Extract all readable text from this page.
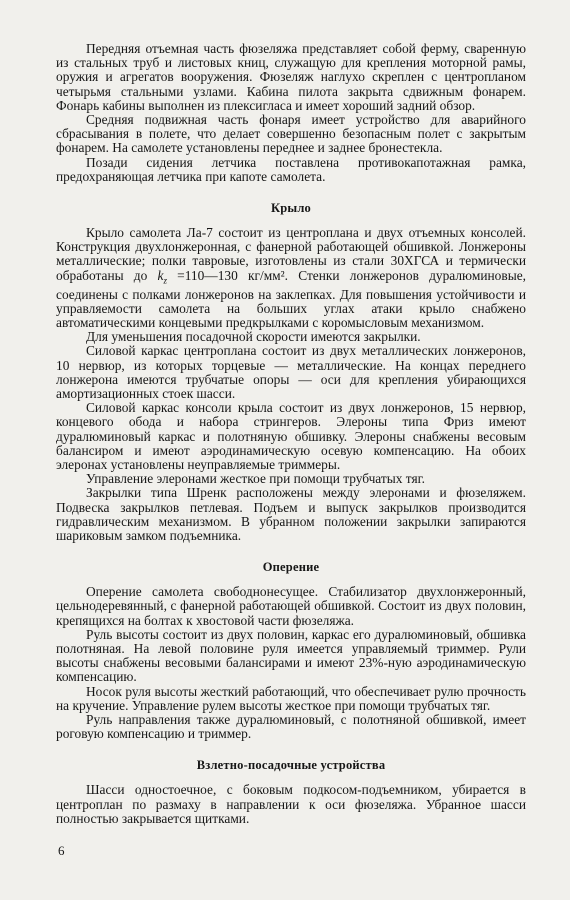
Передняя отъемная часть фюзеляжа представляет собой ферму, сваренную из стальных труб и листовых книц, служащую для крепления моторной рамы, оружия и агрегатов вооружения. Фюзеляж наглухо скреплен с центропланом четырьмя стальными узлами. Кабина пилота закрыта сдвижным фонарем. Фонарь кабины выполнен из плексигласа и имеет хороший задний обзор.

Средняя подвижная часть фонаря имеет устройство для аварийного сбрасывания в полете, что делает совершенно безопасным полет с закрытым фонарем. На самолете установлены переднее и заднее бронестекла.

Позади сидения летчика поставлена противокапотажная рамка, предохраняющая летчика при капоте самолета.

Крыло

Крыло самолета Ла-7 состоит из центроплана и двух отъемных консолей. Конструкция двухлонжеронная, с фанерной работающей обшивкой. Лонжероны металлические; полки тавровые, изготовлены из стали 30ХГСА и термически обработаны до $k_z$ =110—130 кг/мм². Стенки лонжеронов дуралюминовые, соединены с полками лонжеронов на заклепках. Для повышения устойчивости и управляемости самолета на больших углах атаки крыло снабжено автоматическими концевыми предкрылками с коромысловым механизмом.

Для уменьшения посадочной скорости имеются закрылки.

Силовой каркас центроплана состоит из двух металлических лонжеронов, 10 нервюр, из которых торцевые — металлические. На концах переднего лонжерона имеются трубчатые опоры — оси для крепления убирающихся амортизационных стоек шасси.

Силовой каркас консоли крыла состоит из двух лонжеронов, 15 нервюр, концевого обода и набора стрингеров. Элероны типа Фриз имеют дуралюминовый каркас и полотняную обшивку. Элероны снабжены весовым балансиром и имеют аэродинамическую осевую компенсацию. На обоих элеронах установлены неуправляемые триммеры.

Управление элеронами жесткое при помощи трубчатых тяг.

Закрылки типа Шренк расположены между элеронами и фюзеляжем. Подвеска закрылков петлевая. Подъем и выпуск закрылков производится гидравлическим механизмом. В убранном положении закрылки запираются шариковым замком подъемника.

Оперение

Оперение самолета свободнонесущее. Стабилизатор двухлонжеронный, цельнодеревянный, с фанерной работающей обшивкой. Состоит из двух половин, крепящихся на болтах к хвостовой части фюзеляжа.

Руль высоты состоит из двух половин, каркас его дуралюминовый, обшивка полотняная. На левой половине руля имеется управляемый триммер. Рули высоты снабжены весовыми балансирами и имеют 23%-ную аэродинамическую компенсацию.

Носок руля высоты жесткий работающий, что обеспечивает рулю прочность на кручение. Управление рулем высоты жесткое при помощи трубчатых тяг.

Руль направления также дуралюминовый, с полотняной обшивкой, имеет роговую компенсацию и триммер.

Взлетно-посадочные устройства

Шасси одностоечное, с боковым подкосом-подъемником, убирается в центроплан по размаху в направлении к оси фюзеляжа. Убранное шасси полностью закрывается щитками.

6
